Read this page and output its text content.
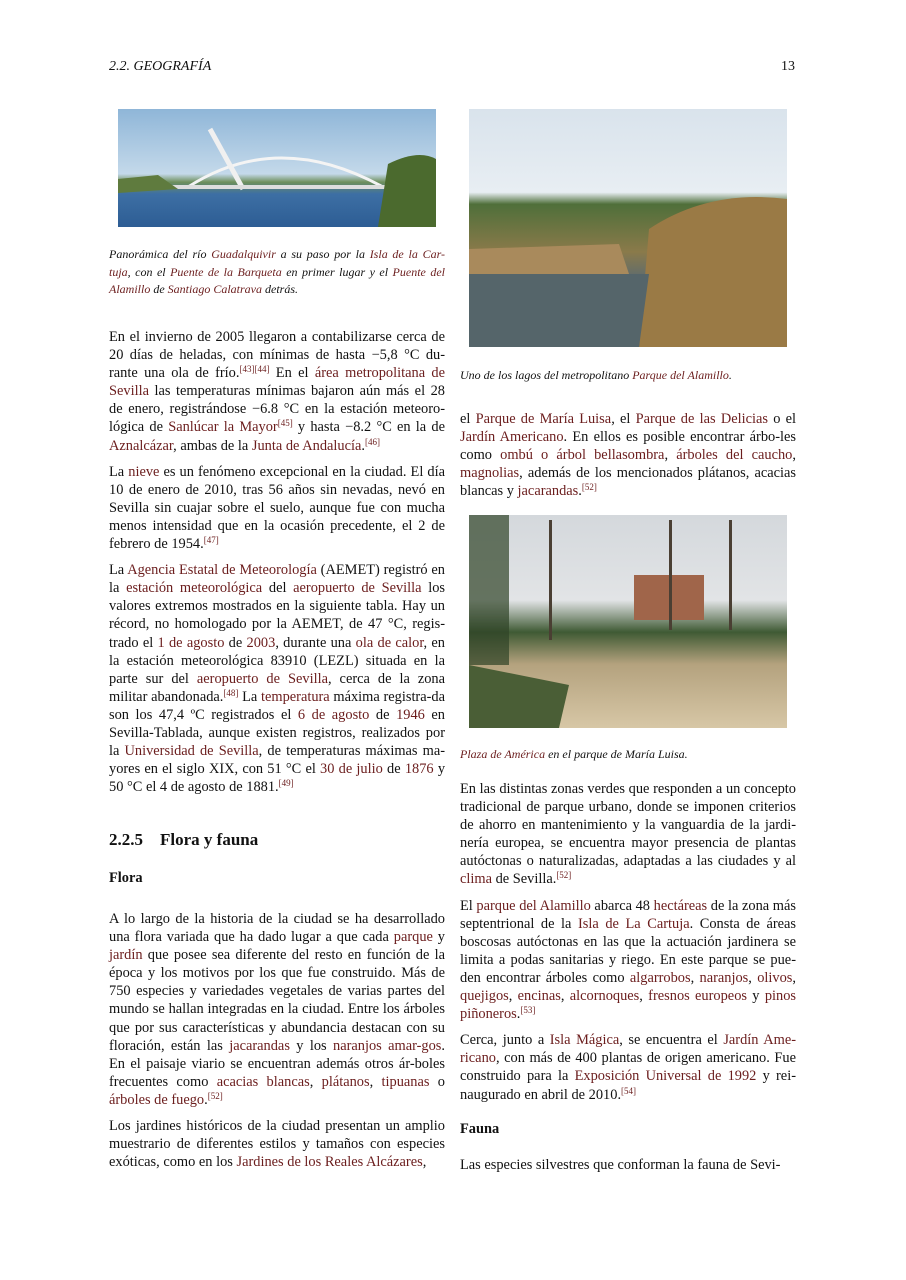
2.2. GEOGRAFÍA	13
Panorámica del río Guadalquivir a su paso por la Isla de la Car-tuja, con el Puente de la Barqueta en primer lugar y el Puente del Alamillo de Santiago Calatrava detrás.

En el invierno de 2005 llegaron a contabilizarse cerca de 20 días de heladas, con mínimas de hasta −5,8 °C du-rante una ola de frío.[43][44] En el área metropolitana de Sevilla las temperaturas mínimas bajaron aún más el 28 de enero, registrándose −6.8 °C en la estación meteoro-lógica de Sanlúcar la Mayor[45] y hasta −8.2 °C en la de Aznalcázar, ambas de la Junta de Andalucía.[46]

La nieve es un fenómeno excepcional en la ciudad. El día 10 de enero de 2010, tras 56 años sin nevadas, nevó en Sevilla sin cuajar sobre el suelo, aunque fue con mucha menos intensidad que en la ocasión precedente, el 2 de febrero de 1954.[47]

La Agencia Estatal de Meteorología (AEMET) registró en la estación meteorológica del aeropuerto de Sevilla los valores extremos mostrados en la siguiente tabla. Hay un récord, no homologado por la AEMET, de 47 °C, regis-trado el 1 de agosto de 2003, durante una ola de calor, en la estación meteorológica 83910 (LEZL) situada en la parte sur del aeropuerto de Sevilla, cerca de la zona militar abandonada.[48] La temperatura máxima registra-da son los 47,4 ºC registrados el 6 de agosto de 1946 en Sevilla-Tablada, aunque existen registros, realizados por la Universidad de Sevilla, de temperaturas máximas ma-yores en el siglo XIX, con 51 °C el 30 de julio de 1876 y 50 °C el 4 de agosto de 1881.[49]

2.2.5 Flora y fauna
Flora

A lo largo de la historia de la ciudad se ha desarrollado una flora variada que ha dado lugar a que cada parque y jardín que posee sea diferente del resto en función de la época y los motivos por los que fue construido. Más de 750 especies y variedades vegetales de varias partes del mundo se hallan integradas en la ciudad. Entre los árboles que por sus características y abundancia destacan con su floración, están las jacarandas y los naranjos amar-gos. En el paisaje viario se encuentran además otros ár-boles frecuentes como acacias blancas, plátanos, tipuanas o árboles de fuego.[52]

Los jardines históricos de la ciudad presentan un amplio muestrario de diferentes estilos y tamaños con especies exóticas, como en los Jardines de los Reales Alcázares,

Uno de los lagos del metropolitano Parque del Alamillo.

el Parque de María Luisa, el Parque de las Delicias o el Jardín Americano. En ellos es posible encontrar árbo-les como ombú o árbol bellasombra, árboles del caucho, magnolias, además de los mencionados plátanos, acacias blancas y jacarandas.[52]

Plaza de América en el parque de María Luisa.

En las distintas zonas verdes que responden a un concepto tradicional de parque urbano, donde se imponen criterios de ahorro en mantenimiento y la vanguardia de la jardi-nería europea, se encuentra mayor presencia de plantas autóctonas o naturalizadas, adaptadas a las ciudades y al clima de Sevilla.[52]

El parque del Alamillo abarca 48 hectáreas de la zona más septentrional de la Isla de La Cartuja. Consta de áreas boscosas autóctonas en las que la actuación jardinera se limita a podas sanitarias y riego. En este parque se pue-den encontrar árboles como algarrobos, naranjos, olivos, quejigos, encinas, alcornoques, fresnos europeos y pinos piñoneros.[53]

Cerca, junto a Isla Mágica, se encuentra el Jardín Ame-ricano, con más de 400 plantas de origen americano. Fue construido para la Exposición Universal de 1992 y rei-naugurado en abril de 2010.[54]

Fauna

Las especies silvestres que conforman la fauna de Sevi-
